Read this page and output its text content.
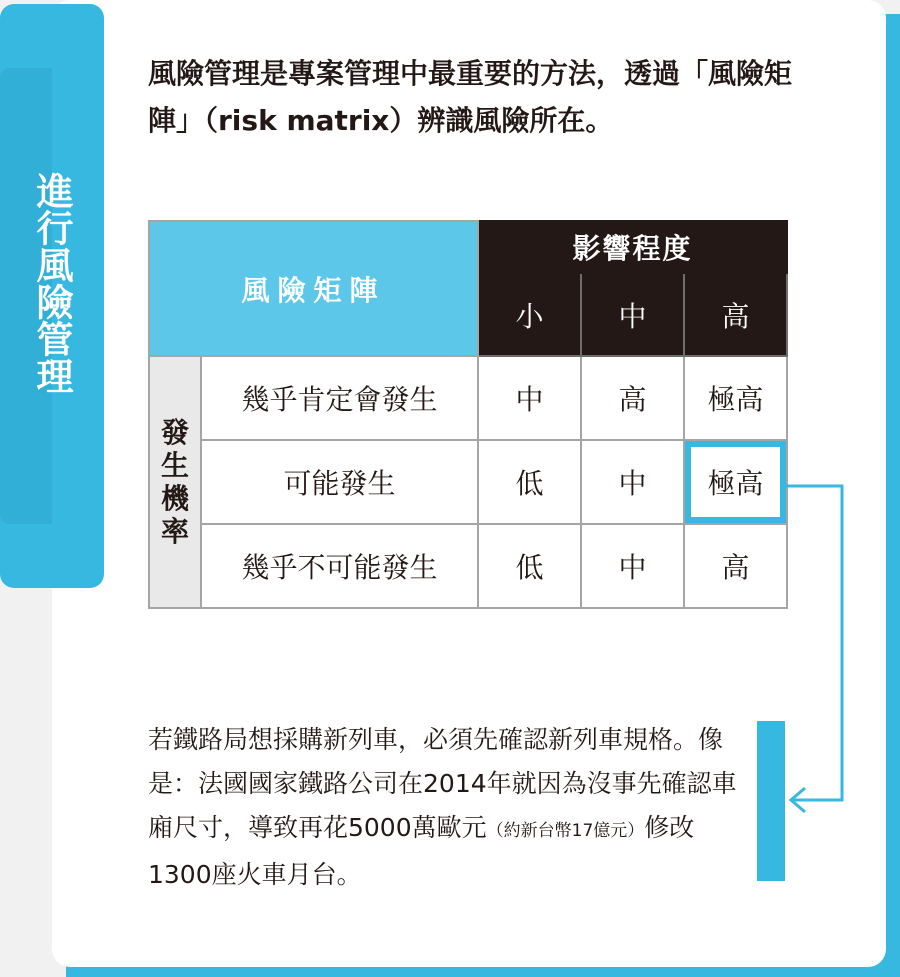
進行風險管理
風險管理是專案管理中最重要的方法，透過「風險矩陣」（risk matrix）辨識風險所在。
風險矩陣		影響程度		
		小	中	高
發生機率	幾乎肯定會發生	中	高	極高
	可能發生	低	中	極高
	幾乎不可能發生	低	中	高
若鐵路局想採購新列車，必須先確認新列車規格。像是：法國國家鐵路公司在2014年就因為沒事先確認車廂尺寸，導致再花5000萬歐元（約新台幣17億元）修改1300座火車月台。
